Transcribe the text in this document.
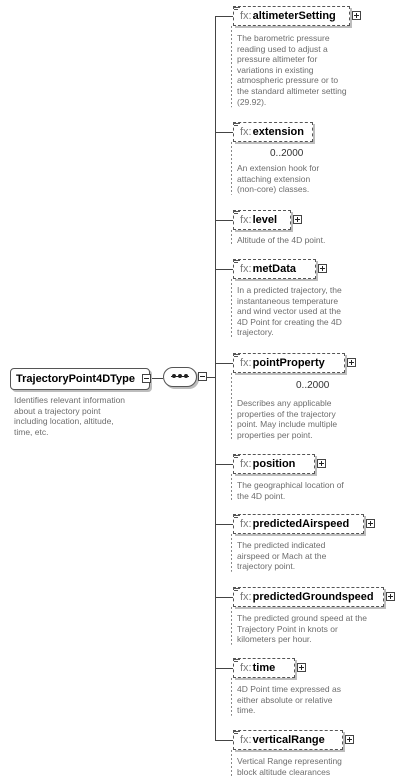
TrajectoryPoint4DType
Identifies relevant information
about a trajectory point
including location, altitude,
time, etc.
fx:altimeterSetting
The barometric pressure
reading used to adjust a
pressure altimeter for
variations in existing
atmospheric pressure or to
the standard altimeter setting
(29.92).
fx:extension
0..2000
An extension hook for
attaching extension
(non-core) classes.
fx:level
Altitude of the 4D point.
fx:metData
In a predicted trajectory, the
instantaneous temperature
and wind vector used at the
4D Point for creating the 4D
trajectory.
fx:pointProperty
0..2000
Describes any applicable
properties of the trajectory
point. May include multiple
properties per point.
fx:position
The geographical location of
the 4D point.
fx:predictedAirspeed
The predicted indicated
airspeed or Mach at the
trajectory point.
fx:predictedGroundspeed
The predicted ground speed at the
Trajectory Point in knots or
kilometers per hour.
fx:time
4D Point time expressed as
either absolute or relative
time.
fx:verticalRange
Vertical Range representing
block altitude clearances
